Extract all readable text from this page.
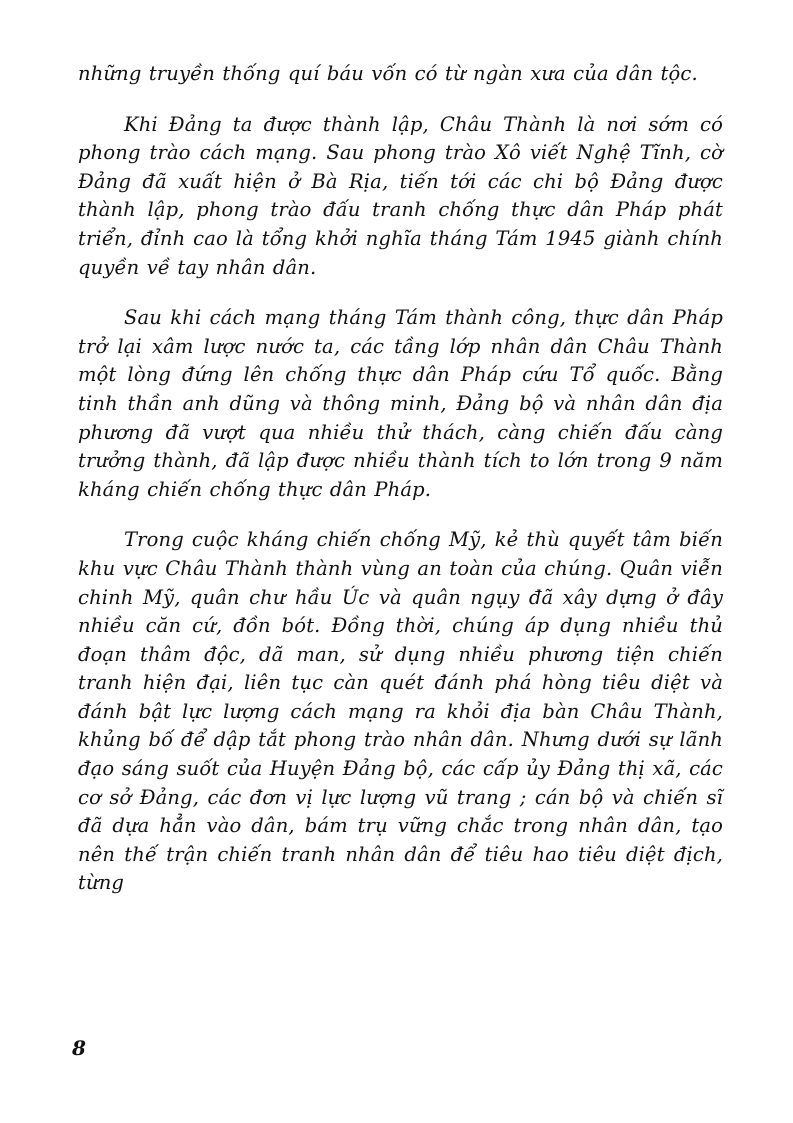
những truyền thống quí báu vốn có từ ngàn xưa của dân tộc.

Khi Đảng ta được thành lập, Châu Thành là nơi sớm có phong trào cách mạng. Sau phong trào Xô viết Nghệ Tĩnh, cờ Đảng đã xuất hiện ở Bà Rịa, tiến tới các chi bộ Đảng được thành lập, phong trào đấu tranh chống thực dân Pháp phát triển, đỉnh cao là tổng khởi nghĩa tháng Tám 1945 giành chính quyền về tay nhân dân.

Sau khi cách mạng tháng Tám thành công, thực dân Pháp trở lại xâm lược nước ta, các tầng lớp nhân dân Châu Thành một lòng đứng lên chống thực dân Pháp cứu Tổ quốc. Bằng tinh thần anh dũng và thông minh, Đảng bộ và nhân dân địa phương đã vượt qua nhiều thử thách, càng chiến đấu càng trưởng thành, đã lập được nhiều thành tích to lớn trong 9 năm kháng chiến chống thực dân Pháp.

Trong cuộc kháng chiến chống Mỹ, kẻ thù quyết tâm biến khu vực Châu Thành thành vùng an toàn của chúng. Quân viễn chinh Mỹ, quân chư hầu Úc và quân ngụy đã xây dựng ở đây nhiều căn cứ, đồn bót. Đồng thời, chúng áp dụng nhiều thủ đoạn thâm độc, dã man, sử dụng nhiều phương tiện chiến tranh hiện đại, liên tục càn quét đánh phá hòng tiêu diệt và đánh bật lực lượng cách mạng ra khỏi địa bàn Châu Thành, khủng bố để dập tắt phong trào nhân dân. Nhưng dưới sự lãnh đạo sáng suốt của Huyện Đảng bộ, các cấp ủy Đảng thị xã, các cơ sở Đảng, các đơn vị lực lượng vũ trang ; cán bộ và chiến sĩ đã dựa hẳn vào dân, bám trụ vững chắc trong nhân dân, tạo nên thế trận chiến tranh nhân dân để tiêu hao tiêu diệt địch, từng

8
